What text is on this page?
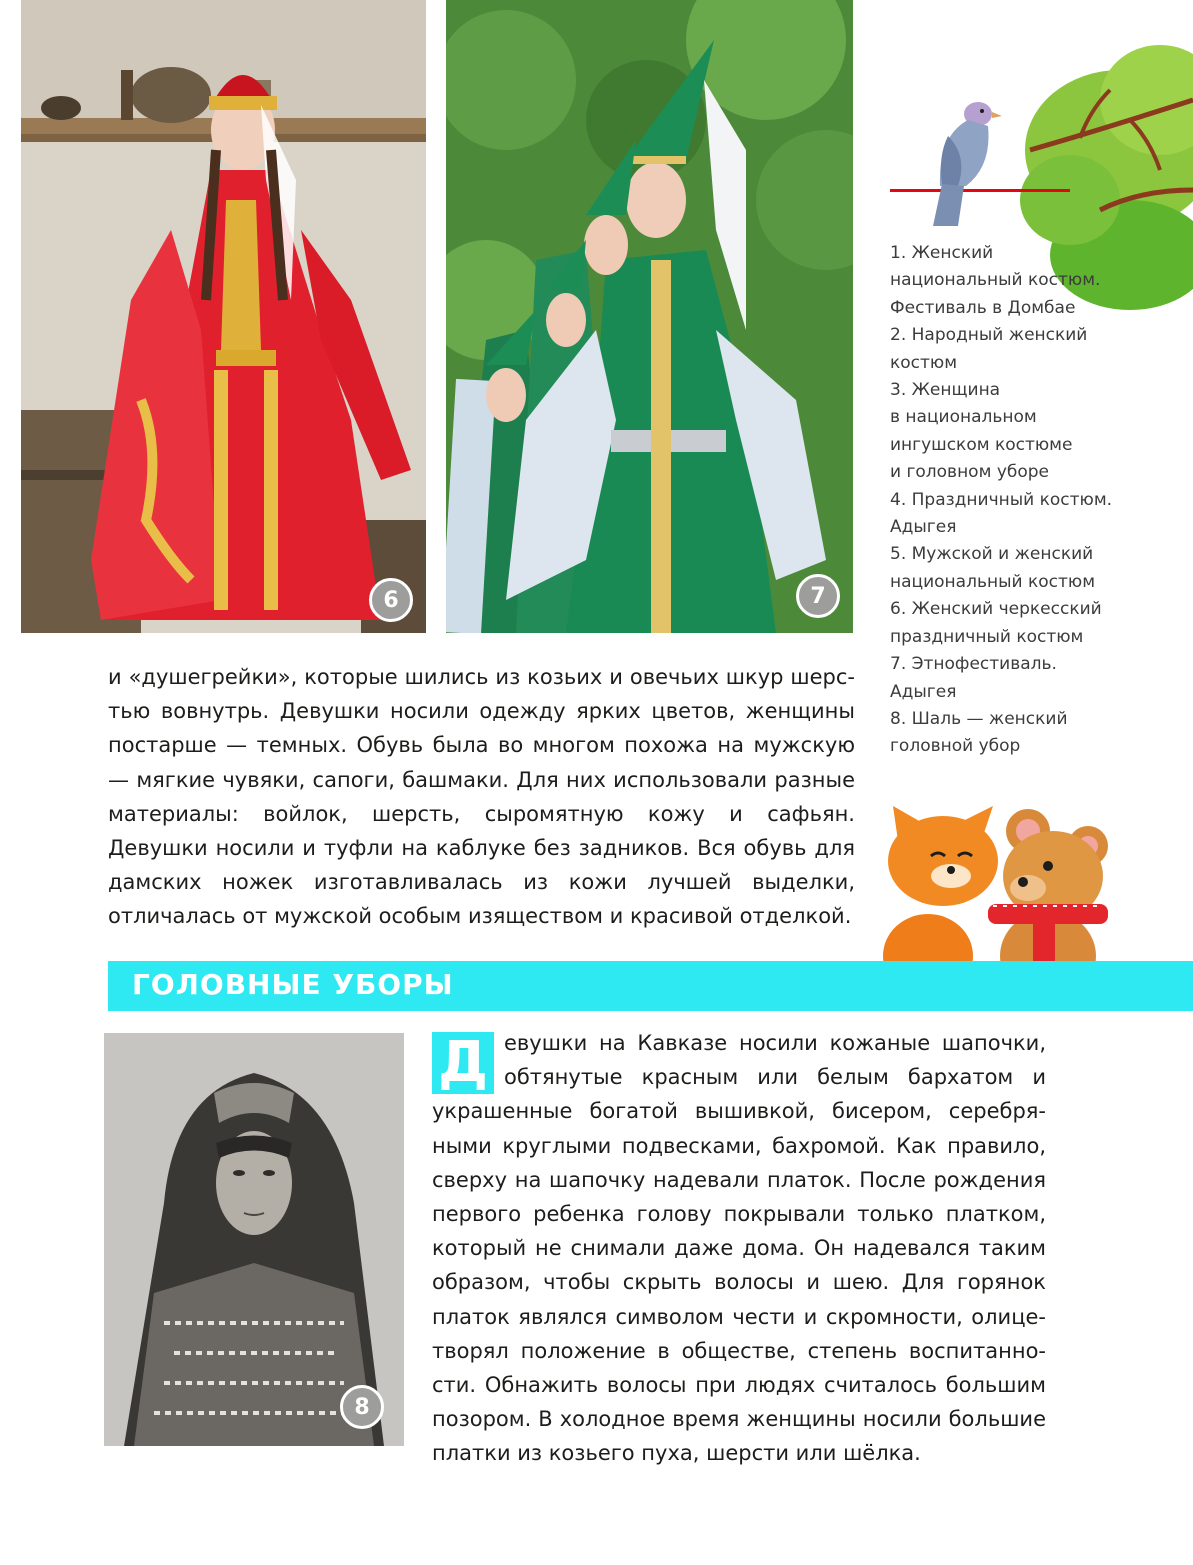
6	7
1. Женский
национальный костюм.
Фестиваль в Домбае
2. Народный женский
костюм
3. Женщина
в национальном
ингушском костюме
и головном уборе
4. Праздничный костюм.
Адыгея
5. Мужской и женский
национальный костюм
6. Женский черкесский
праздничный костюм
7. Этнофестиваль.
Адыгея
8. Шаль — женский
головной убор

и «душегрейки», которые шились из козьих и овечьих шкур шерстью вовнутрь. Девушки носили одежду ярких цветов, женщины постарше — темных. Обувь была во многом похожа на мужскую — мягкие чувяки, сапоги, башмаки. Для них использовали разные материалы: войлок, шерсть, сыромятную кожу и сафьян. Девушки носили и туфли на каблуке без задников. Вся обувь для дамских ножек изготавливалась из кожи лучшей выделки, отличалась от мужской особым изяществом и красивой отделкой.

ГОЛОВНЫЕ УБОРЫ
8

Д евушки на Кавказе носили кожаные шапочки, обтянутые красным или белым бархатом и украшенные богатой вышивкой, бисером, серебряными круглыми подвесками, бахромой. Как правило, сверху на шапочку надевали платок. После рождения первого ребенка голову покрывали только платком, который не снимали даже дома. Он надевался таким образом, чтобы скрыть волосы и шею. Для горянок платок являлся символом чести и скромности, олицетворял положение в обществе, степень воспитанности. Обнажить волосы при людях считалось большим позором. В холодное время женщины носили большие платки из козьего пуха, шерсти или шёлка.
